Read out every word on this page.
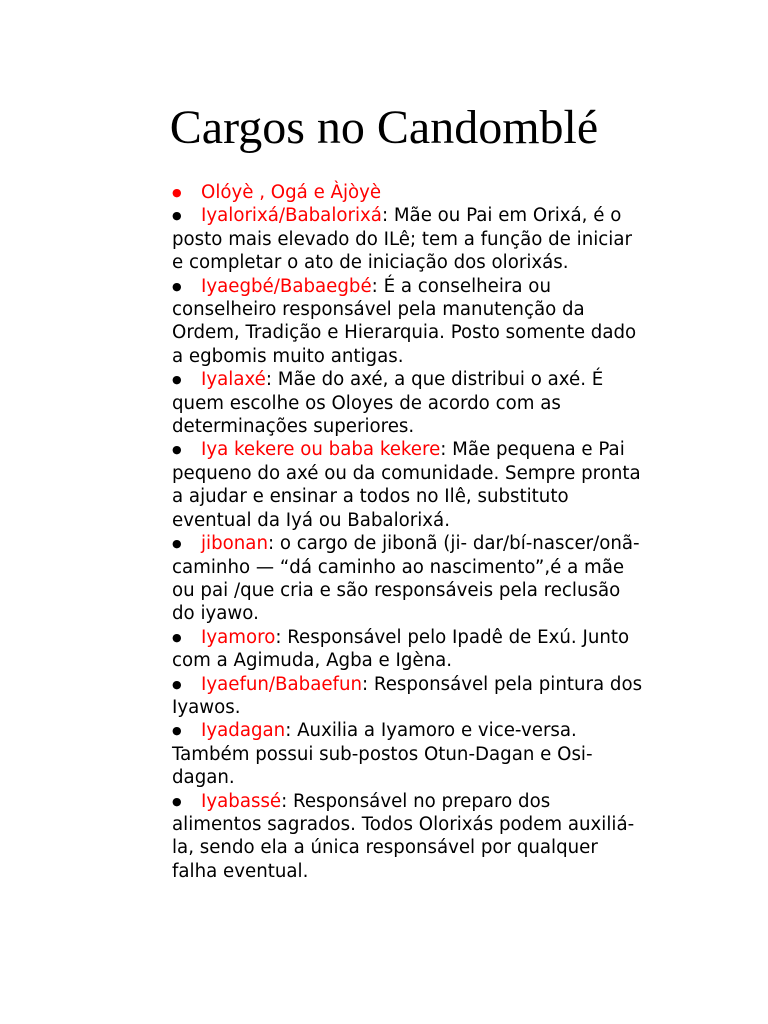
Cargos no Candomblé
● Olóyè , Ogá e Àjòyè
● Iyalorixá/Babalorixá: Mãe ou Pai em Orixá, é o posto mais elevado do ILê; tem a função de iniciar e completar o ato de iniciação dos olorixás.
● Iyaegbé/Babaegbé: É a conselheira ou conselheiro responsável pela manutenção da Ordem, Tradição e Hierarquia. Posto somente dado a egbomis muito antigas.
● Iyalaxé: Mãe do axé, a que distribui o axé. É quem escolhe os Oloyes de acordo com as determinações superiores.
● Iya kekere ou baba kekere: Mãe pequena e Pai pequeno do axé ou da comunidade. Sempre pronta a ajudar e ensinar a todos no Ilê, substituto eventual da Iyá ou Babalorixá.
● jibonan: o cargo de jibonã (ji- dar/bí-nascer/onã-caminho — “dá caminho ao nascimento”,é a mãe ou pai /que cria e são responsáveis pela reclusão do iyawo.
● Iyamoro: Responsável pelo Ipadê de Exú. Junto com a Agimuda, Agba e Igèna.
● Iyaefun/Babaefun: Responsável pela pintura dos Iyawos.
● Iyadagan: Auxilia a Iyamoro e vice-versa. Também possui sub-postos Otun-Dagan e Osi-dagan.
● Iyabassé: Responsável no preparo dos alimentos sagrados. Todos Olorixás podem auxiliá-la, sendo ela a única responsável por qualquer falha eventual.
